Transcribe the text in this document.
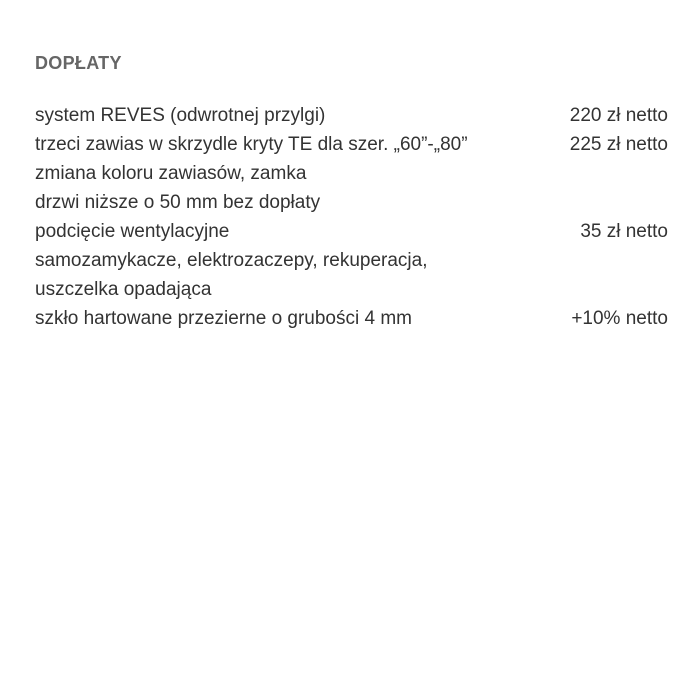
DOPŁATY
system REVES (odwrotnej przylgi)	220 zł netto
trzeci zawias w skrzydle kryty TE dla szer. „60”-„80”	225 zł netto
zmiana koloru zawiasów, zamka
drzwi niższe o 50 mm bez dopłaty
podcięcie wentylacyjne	35 zł netto
samozamykacze, elektrozaczepy, rekuperacja, uszczelka opadająca
szkło hartowane przezierne o grubości 4 mm	+10% netto
